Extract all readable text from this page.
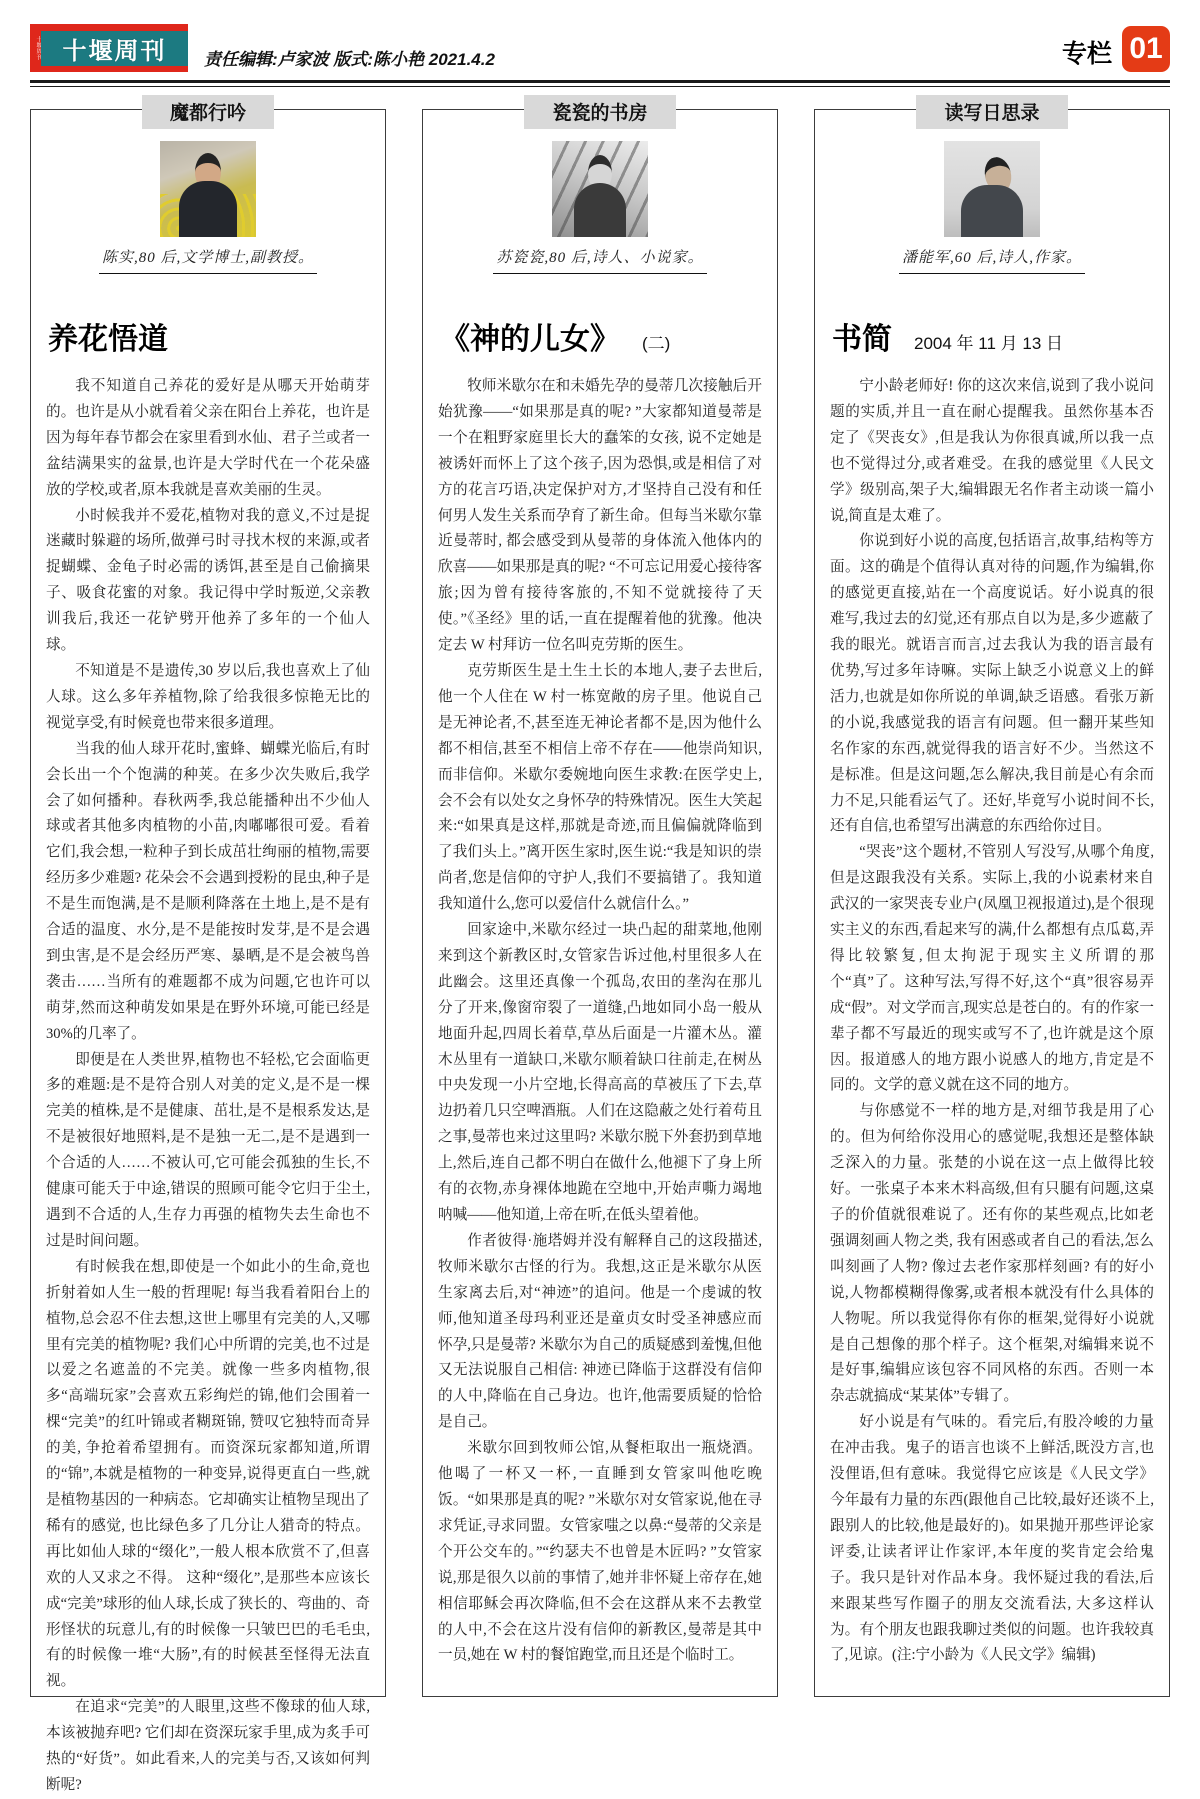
十堰周刊 十堰周刊	责任编辑:卢家波 版式:陈小艳 2021.4.2	专栏 01
魔都行吟
陈实,80 后,文学博士,副教授。
养花悟道

我不知道自己养花的爱好是从哪天开始萌芽的。也许是从小就看着父亲在阳台上养花，也许是因为每年春节都会在家里看到水仙、君子兰或者一盆结满果实的盆景,也许是大学时代在一个花朵盛放的学校,或者,原本我就是喜欢美丽的生灵。

小时候我并不爱花,植物对我的意义,不过是捉迷藏时躲避的场所,做弹弓时寻找木杈的来源,或者捉蝴蝶、金龟子时必需的诱饵,甚至是自己偷摘果子、吸食花蜜的对象。我记得中学时叛逆,父亲教训我后,我还一花铲劈开他养了多年的一个仙人球。

不知道是不是遗传,30 岁以后,我也喜欢上了仙人球。这么多年养植物,除了给我很多惊艳无比的视觉享受,有时候竟也带来很多道理。

当我的仙人球开花时,蜜蜂、蝴蝶光临后,有时会长出一个个饱满的种荚。在多少次失败后,我学会了如何播种。春秋两季,我总能播种出不少仙人球或者其他多肉植物的小苗,肉嘟嘟很可爱。看着它们,我会想,一粒种子到长成茁壮绚丽的植物,需要经历多少难题? 花朵会不会遇到授粉的昆虫,种子是不是生而饱满,是不是顺利降落在土地上,是不是有合适的温度、水分,是不是能按时发芽,是不是会遇到虫害,是不是会经历严寒、暴晒,是不是会被鸟兽袭击……当所有的难题都不成为问题,它也许可以萌芽,然而这种萌发如果是在野外环境,可能已经是 30%的几率了。

即便是在人类世界,植物也不轻松,它会面临更多的难题:是不是符合别人对美的定义,是不是一棵完美的植株,是不是健康、茁壮,是不是根系发达,是不是被很好地照料,是不是独一无二,是不是遇到一个合适的人……不被认可,它可能会孤独的生长,不健康可能夭于中途,错误的照顾可能令它归于尘土,遇到不合适的人,生存力再强的植物失去生命也不过是时间问题。

有时候我在想,即使是一个如此小的生命,竟也折射着如人生一般的哲理呢! 每当我看着阳台上的植物,总会忍不住去想,这世上哪里有完美的人,又哪里有完美的植物呢? 我们心中所谓的完美,也不过是以爱之名遮盖的不完美。就像一些多肉植物,很多“高端玩家”会喜欢五彩绚烂的锦,他们会围着一棵“完美”的红叶锦或者糊斑锦, 赞叹它独特而奇异的美, 争抢着希望拥有。而资深玩家都知道,所谓的“锦”,本就是植物的一种变异,说得更直白一些,就是植物基因的一种病态。它却确实让植物呈现出了稀有的感觉, 也比绿色多了几分让人猎奇的特点。再比如仙人球的“缀化”,一般人根本欣赏不了,但喜欢的人又求之不得。 这种“缀化”,是那些本应该长成“完美”球形的仙人球,长成了狭长的、弯曲的、奇形怪状的玩意儿,有的时候像一只皱巴巴的毛毛虫,有的时候像一堆“大肠”,有的时候甚至怪得无法直视。

在追求“完美”的人眼里,这些不像球的仙人球,本该被抛弃吧? 它们却在资深玩家手里,成为炙手可热的“好货”。如此看来,人的完美与否,又该如何判断呢?

瓷瓷的书房
苏瓷瓷,80 后,诗人、小说家。
《神的儿女》 (二)

牧师米歇尔在和未婚先孕的曼蒂几次接触后开始犹豫——“如果那是真的呢? ”大家都知道曼蒂是一个在粗野家庭里长大的蠢笨的女孩, 说不定她是被诱奸而怀上了这个孩子,因为恐惧,或是相信了对方的花言巧语,决定保护对方,才坚持自己没有和任何男人发生关系而孕育了新生命。但每当米歇尔靠近曼蒂时, 都会感受到从曼蒂的身体流入他体内的欣喜——如果那是真的呢? “不可忘记用爱心接待客旅;因为曾有接待客旅的,不知不觉就接待了天使。”《圣经》里的话,一直在提醒着他的犹豫。他决定去 W 村拜访一位名叫克劳斯的医生。

克劳斯医生是土生土长的本地人,妻子去世后,他一个人住在 W 村一栋宽敞的房子里。他说自己是无神论者,不,甚至连无神论者都不是,因为他什么都不相信,甚至不相信上帝不存在——他崇尚知识,而非信仰。米歇尔委婉地向医生求教:在医学史上,会不会有以处女之身怀孕的特殊情况。医生大笑起来:“如果真是这样,那就是奇迹,而且偏偏就降临到了我们头上。”离开医生家时,医生说:“我是知识的崇尚者,您是信仰的守护人,我们不要搞错了。我知道我知道什么,您可以爱信什么就信什么。”

回家途中,米歇尔经过一块凸起的甜菜地,他刚来到这个新教区时,女管家告诉过他,村里很多人在此幽会。这里还真像一个孤岛,农田的垄沟在那儿分了开来,像窗帘裂了一道缝,凸地如同小岛一般从地面升起,四周长着草,草丛后面是一片灌木丛。灌木丛里有一道缺口,米歇尔顺着缺口往前走,在树丛中央发现一小片空地,长得高高的草被压了下去,草边扔着几只空啤酒瓶。人们在这隐蔽之处行着苟且之事,曼蒂也来过这里吗? 米歇尔脱下外套扔到草地上,然后,连自己都不明白在做什么,他褪下了身上所有的衣物,赤身裸体地跪在空地中,开始声嘶力竭地呐喊——他知道,上帝在听,在低头望着他。

作者彼得·施塔姆并没有解释自己的这段描述,牧师米歇尔古怪的行为。我想,这正是米歇尔从医生家离去后,对“神迹”的追问。他是一个虔诚的牧师,他知道圣母玛利亚还是童贞女时受圣神感应而怀孕,只是曼蒂? 米歇尔为自己的质疑感到羞愧,但他又无法说服自己相信: 神迹已降临于这群没有信仰的人中,降临在自己身边。也许,他需要质疑的恰恰是自己。

米歇尔回到牧师公馆,从餐柜取出一瓶烧酒。他喝了一杯又一杯,一直睡到女管家叫他吃晚饭。“如果那是真的呢? ”米歇尔对女管家说,他在寻求凭证,寻求同盟。女管家嗤之以鼻:“曼蒂的父亲是个开公交车的。”“约瑟夫不也曾是木匠吗? ”女管家说,那是很久以前的事情了,她并非怀疑上帝存在,她相信耶稣会再次降临,但不会在这群从来不去教堂的人中,不会在这片没有信仰的新教区,曼蒂是其中一员,她在 W 村的餐馆跑堂,而且还是个临时工。

读写日思录
潘能军,60 后,诗人,作家。
书简 2004 年 11 月 13 日

宁小龄老师好! 你的这次来信,说到了我小说问题的实质,并且一直在耐心提醒我。虽然你基本否定了《哭丧女》,但是我认为你很真诚,所以我一点也不觉得过分,或者难受。在我的感觉里《人民文学》级别高,架子大,编辑跟无名作者主动谈一篇小说,简直是太难了。

你说到好小说的高度,包括语言,故事,结构等方面。这的确是个值得认真对待的问题,作为编辑,你的感觉更直接,站在一个高度说话。好小说真的很难写,我过去的幻觉,还有那点自以为是,多少遮蔽了我的眼光。就语言而言,过去我认为我的语言最有优势,写过多年诗嘛。实际上缺乏小说意义上的鲜活力,也就是如你所说的单调,缺乏语感。看张万新的小说,我感觉我的语言有问题。但一翻开某些知名作家的东西,就觉得我的语言好不少。当然这不是标准。但是这问题,怎么解决,我目前是心有余而力不足,只能看运气了。还好,毕竟写小说时间不长,还有自信,也希望写出满意的东西给你过目。

“哭丧”这个题材,不管别人写没写,从哪个角度,但是这跟我没有关系。实际上,我的小说素材来自武汉的一家哭丧专业户(凤凰卫视报道过),是个很现实主义的东西,看起来写的满,什么都想有点瓜葛,弄得比较繁复,但太拘泥于现实主义所谓的那个“真”了。这种写法,写得不好,这个“真”很容易弄成“假”。对文学而言,现实总是苍白的。有的作家一辈子都不写最近的现实或写不了,也许就是这个原因。报道感人的地方跟小说感人的地方,肯定是不同的。文学的意义就在这不同的地方。

与你感觉不一样的地方是,对细节我是用了心的。但为何给你没用心的感觉呢,我想还是整体缺乏深入的力量。张楚的小说在这一点上做得比较好。一张桌子本来木料高级,但有只腿有问题,这桌子的价值就很难说了。还有你的某些观点,比如老强调刻画人物之类, 我有困惑或者自己的看法,怎么叫刻画了人物? 像过去老作家那样刻画? 有的好小说,人物都模糊得像雾,或者根本就没有什么具体的人物呢。所以我觉得你有你的框架,觉得好小说就是自己想像的那个样子。这个框架,对编辑来说不是好事,编辑应该包容不同风格的东西。否则一本杂志就搞成“某某体”专辑了。

好小说是有气味的。看完后,有股冷峻的力量在冲击我。鬼子的语言也谈不上鲜活,既没方言,也没俚语,但有意味。我觉得它应该是《人民文学》今年最有力量的东西(跟他自己比较,最好还谈不上,跟别人的比较,他是最好的)。如果抛开那些评论家评委,让读者评让作家评,本年度的奖肯定会给鬼子。我只是针对作品本身。我怀疑过我的看法,后来跟某些写作圈子的朋友交流看法, 大多这样认为。有个朋友也跟我聊过类似的问题。也许我较真了,见谅。(注:宁小龄为《人民文学》编辑)
